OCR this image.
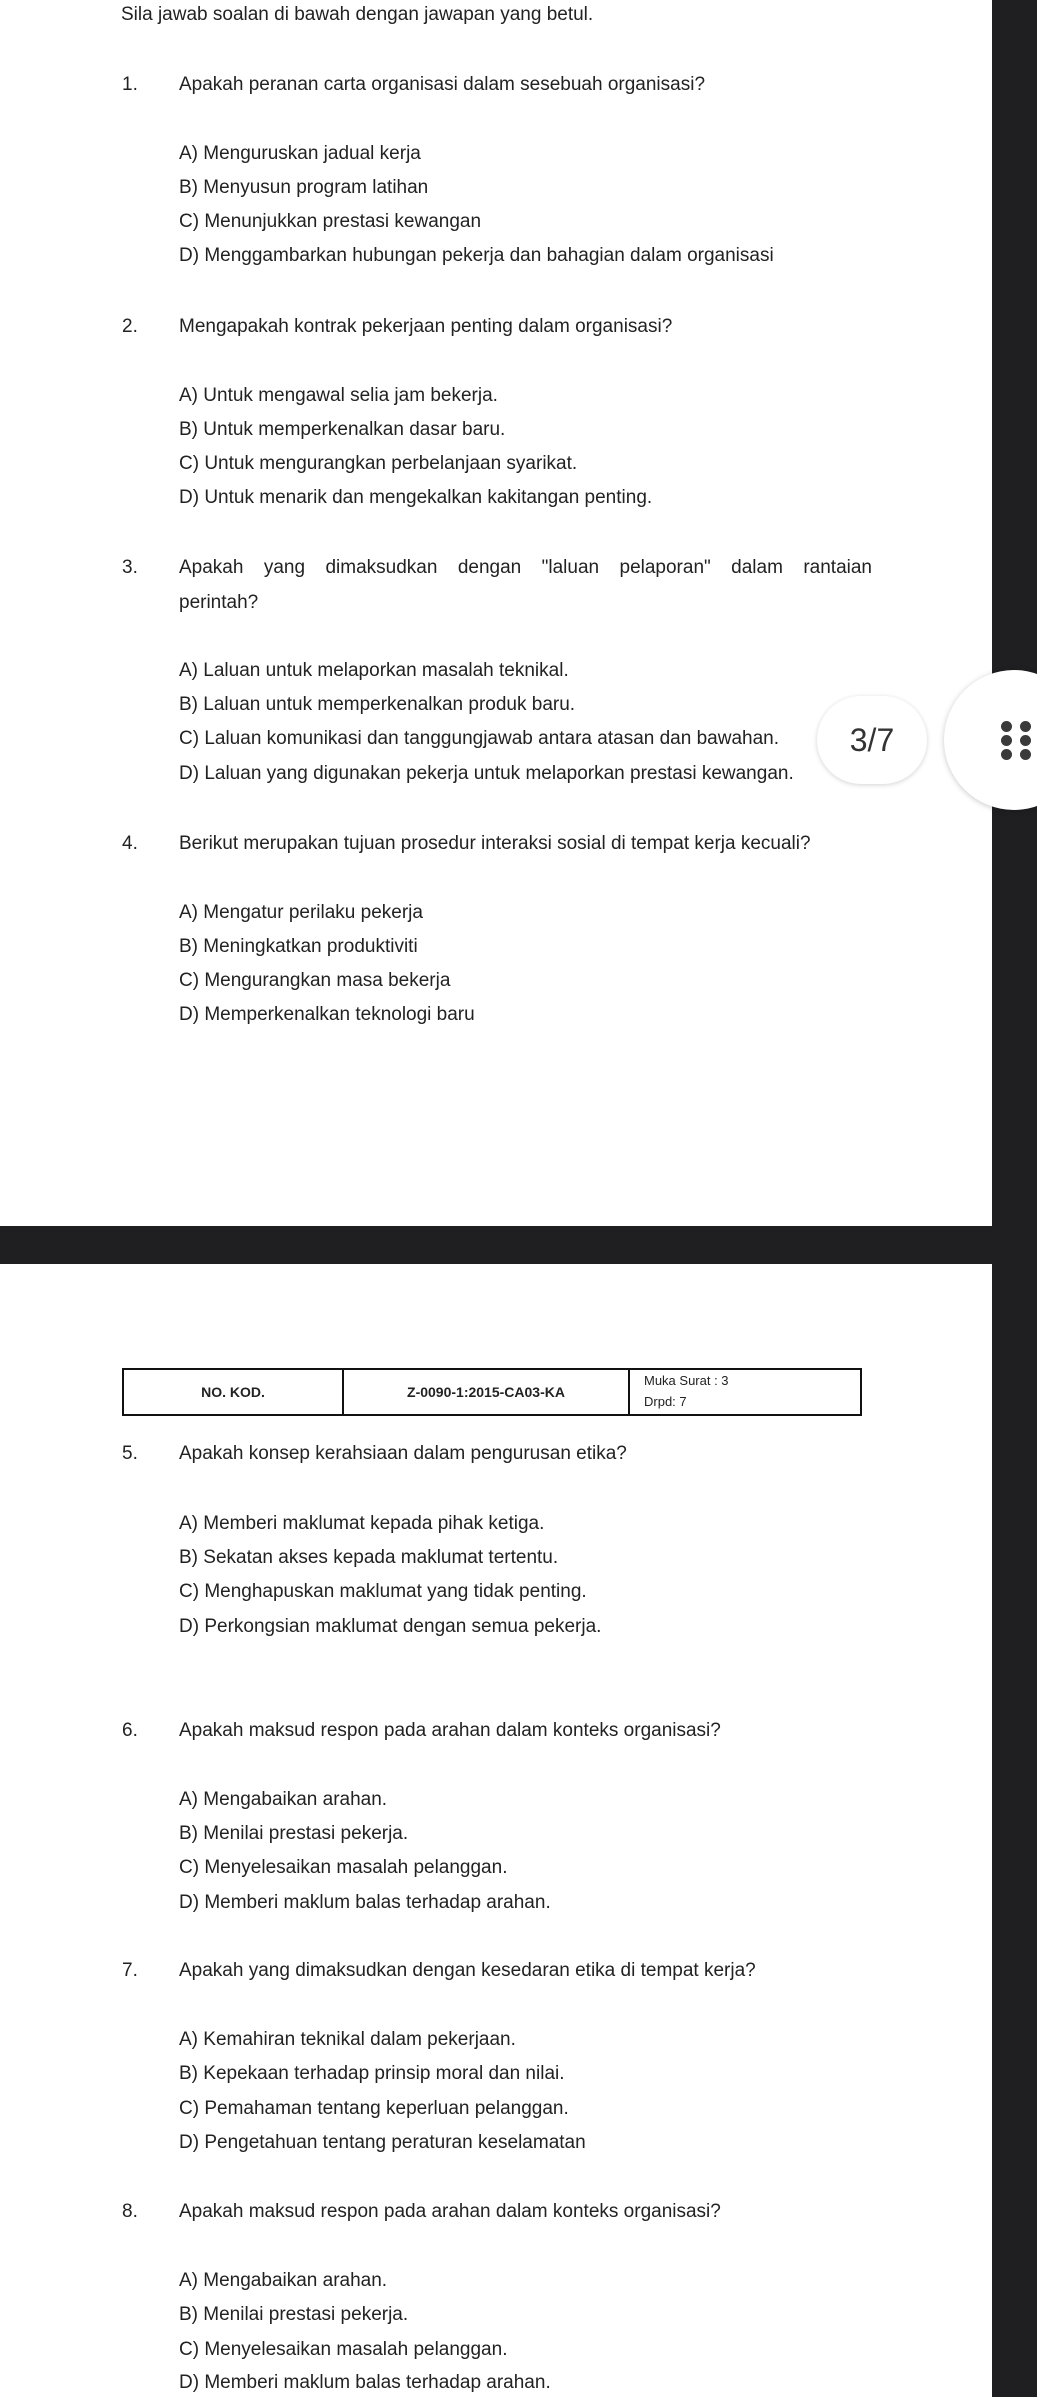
Sila jawab soalan di bawah dengan jawapan yang betul.
1. Apakah peranan carta organisasi dalam sesebuah organisasi?
A) Menguruskan jadual kerja
B) Menyusun program latihan
C) Menunjukkan prestasi kewangan
D) Menggambarkan hubungan pekerja dan bahagian dalam organisasi
2. Mengapakah kontrak pekerjaan penting dalam organisasi?
A) Untuk mengawal selia jam bekerja.
B) Untuk memperkenalkan dasar baru.
C) Untuk mengurangkan perbelanjaan syarikat.
D) Untuk menarik dan mengekalkan kakitangan penting.
3. Apakah yang dimaksudkan dengan "laluan pelaporan" dalam rantaian
perintah?
A) Laluan untuk melaporkan masalah teknikal.
B) Laluan untuk memperkenalkan produk baru.
C) Laluan komunikasi dan tanggungjawab antara atasan dan bawahan.
D) Laluan yang digunakan pekerja untuk melaporkan prestasi kewangan.
4. Berikut merupakan tujuan prosedur interaksi sosial di tempat kerja kecuali?
A) Mengatur perilaku pekerja
B) Meningkatkan produktiviti
C) Mengurangkan masa bekerja
D) Memperkenalkan teknologi baru
3/7
NO. KOD.	Z-0090-1:2015-CA03-KA	
Muka Surat : 3
Drpd: 7
5. Apakah konsep kerahsiaan dalam pengurusan etika?
A) Memberi maklumat kepada pihak ketiga.
B) Sekatan akses kepada maklumat tertentu.
C) Menghapuskan maklumat yang tidak penting.
D) Perkongsian maklumat dengan semua pekerja.
6. Apakah maksud respon pada arahan dalam konteks organisasi?
A) Mengabaikan arahan.
B) Menilai prestasi pekerja.
C) Menyelesaikan masalah pelanggan.
D) Memberi maklum balas terhadap arahan.
7. Apakah yang dimaksudkan dengan kesedaran etika di tempat kerja?
A) Kemahiran teknikal dalam pekerjaan.
B) Kepekaan terhadap prinsip moral dan nilai.
C) Pemahaman tentang keperluan pelanggan.
D) Pengetahuan tentang peraturan keselamatan
8. Apakah maksud respon pada arahan dalam konteks organisasi?
A) Mengabaikan arahan.
B) Menilai prestasi pekerja.
C) Menyelesaikan masalah pelanggan.
D) Memberi maklum balas terhadap arahan.
